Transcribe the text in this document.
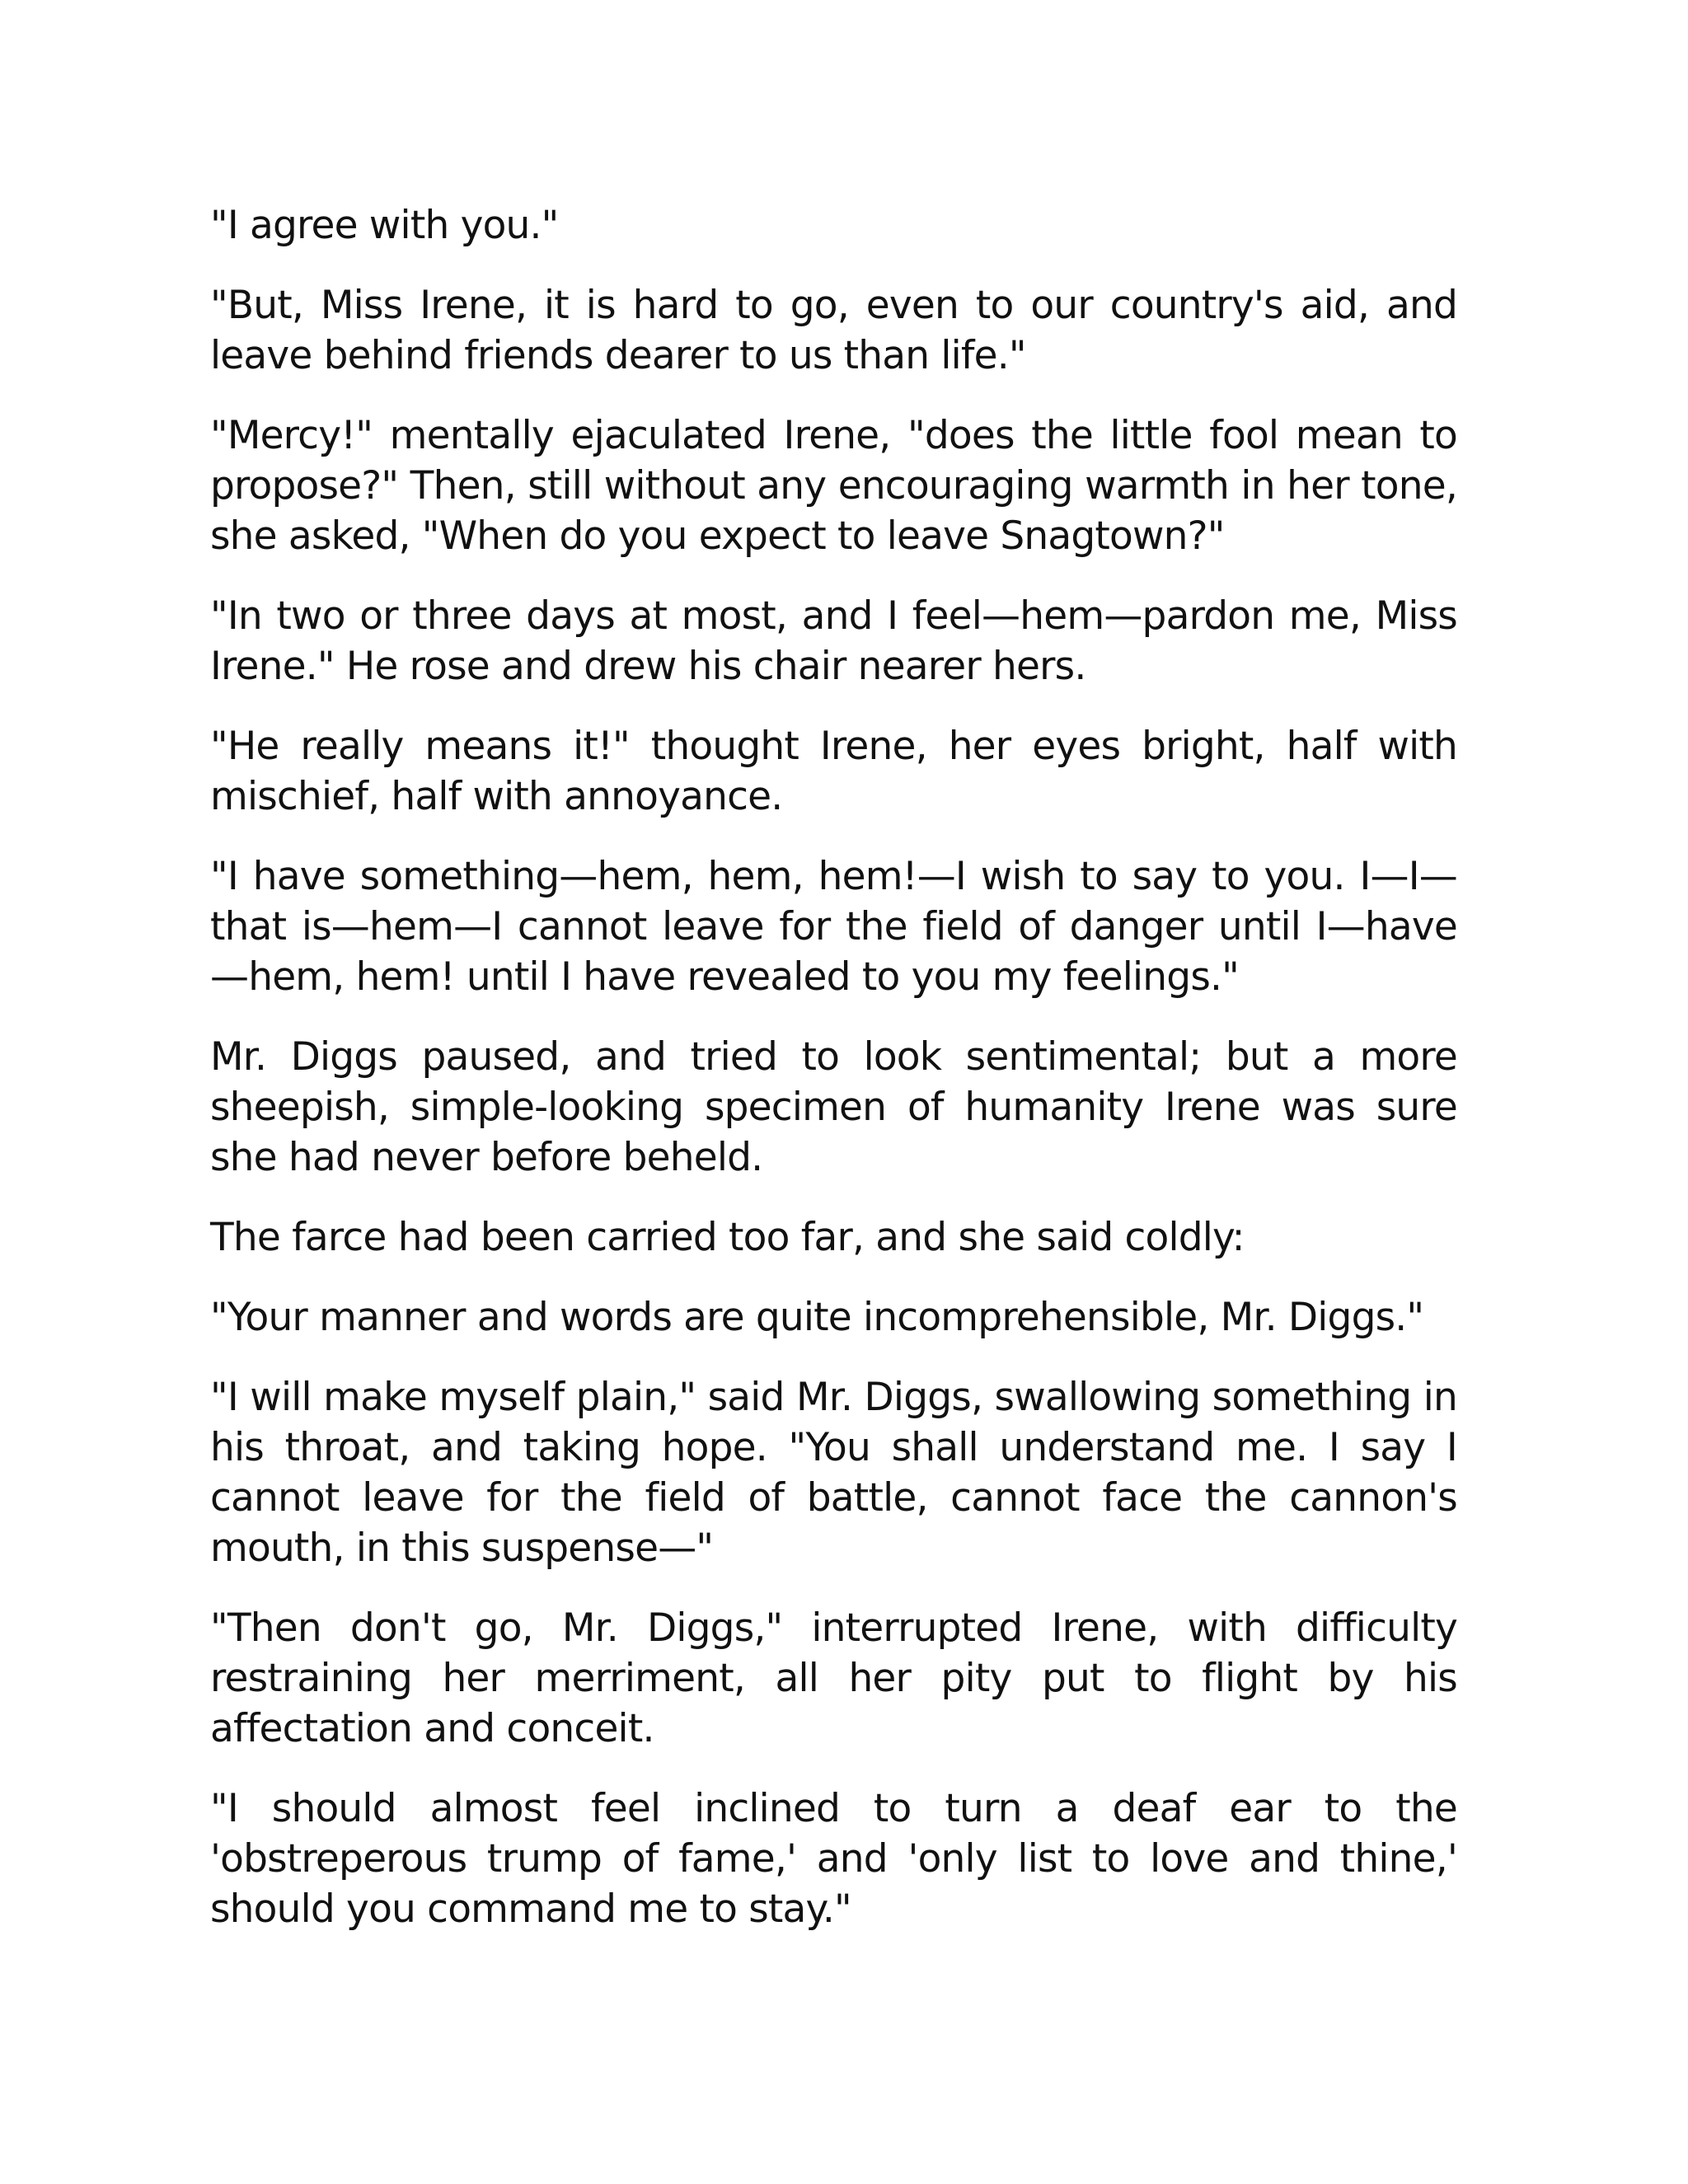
"I agree with you."

"But, Miss Irene, it is hard to go, even to our country's aid, and leave behind friends dearer to us than life."

"Mercy!" mentally ejaculated Irene, "does the little fool mean to propose?" Then, still without any encouraging warmth in her tone, she asked, "When do you expect to leave Snagtown?"

"In two or three days at most, and I feel—hem—pardon me, Miss Irene." He rose and drew his chair nearer hers.

"He really means it!" thought Irene, her eyes bright, half with mischief, half with annoyance.

"I have something—hem, hem, hem!—I wish to say to you. I—I—that is—hem—I cannot leave for the field of danger until I—have—hem, hem! until I have revealed to you my feelings."

Mr. Diggs paused, and tried to look sentimental; but a more sheepish, simple-looking specimen of humanity Irene was sure she had never before beheld.

The farce had been carried too far, and she said coldly:

"Your manner and words are quite incomprehensible, Mr. Diggs."

"I will make myself plain," said Mr. Diggs, swallowing something in his throat, and taking hope. "You shall understand me. I say I cannot leave for the field of battle, cannot face the cannon's mouth, in this suspense—"

"Then don't go, Mr. Diggs," interrupted Irene, with difficulty restraining her merriment, all her pity put to flight by his affectation and conceit.

"I should almost feel inclined to turn a deaf ear to the 'obstreperous trump of fame,' and 'only list to love and thine,' should you command me to stay."
